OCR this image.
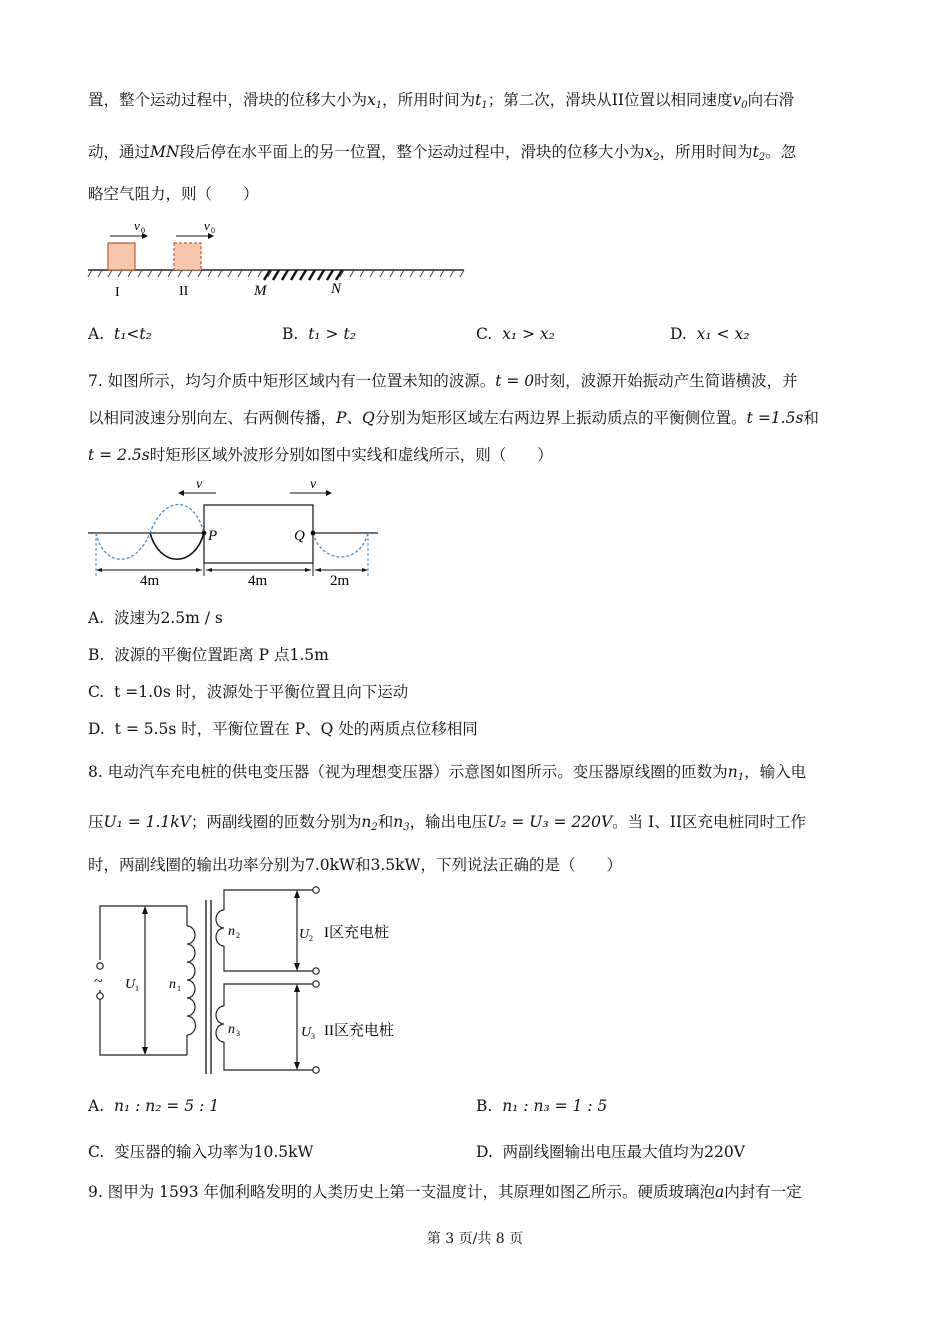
置，整个运动过程中，滑块的位移大小为$x_1$，所用时间为$t_1$；第二次，滑块从II位置以相同速度$v_0$向右滑
动，通过MN段后停在水平面上的另一位置，整个运动过程中，滑块的位移大小为$x_2$，所用时间为$t_2$。忽
略空气阻力，则（　　）
v 0	v 0
I	II	M	N
A. t₁<t₂	B. t₁ > t₂	C. x₁ > x₂	D. x₁ < x₂
7. 如图所示，均匀介质中矩形区域内有一位置未知的波源。t = 0时刻，波源开始振动产生简谐横波，并
以相同波速分别向左、右两侧传播，P、Q分别为矩形区域左右两边界上振动质点的平衡侧位置。t =1.5s和
t = 2.5s时矩形区域外波形分别如图中实线和虚线所示，则（　　）
v	v
P	Q
4m	4m	2m
A. 波速为2.5m / s
B. 波源的平衡位置距离 P 点1.5m
C. t =1.0s 时，波源处于平衡位置且向下运动
D. t = 5.5s 时，平衡位置在 P、Q 处的两质点位移相同
8. 电动汽车充电桩的供电变压器（视为理想变压器）示意图如图所示。变压器原线圈的匝数为$n_1$，输入电
压U₁ = 1.1kV；两副线圈的匝数分别为$n_2$和$n_3$，输出电压U₂ = U₃ = 220V。当 I、II区充电桩同时工作
时，两副线圈的输出功率分别为7.0kW和3.5kW，下列说法正确的是（　　）
~ U 1 n 1
n 2
n 3
U 2
U 3
I区充电桩
II区充电桩
A. n₁ : n₂ = 5 : 1	B. n₁ : n₃ = 1 : 5
C. 变压器的输入功率为10.5kW	D. 两副线圈输出电压最大值均为220V
9. 图甲为 1593 年伽利略发明的人类历史上第一支温度计，其原理如图乙所示。硬质玻璃泡a内封有一定
第 3 页/共 8 页
